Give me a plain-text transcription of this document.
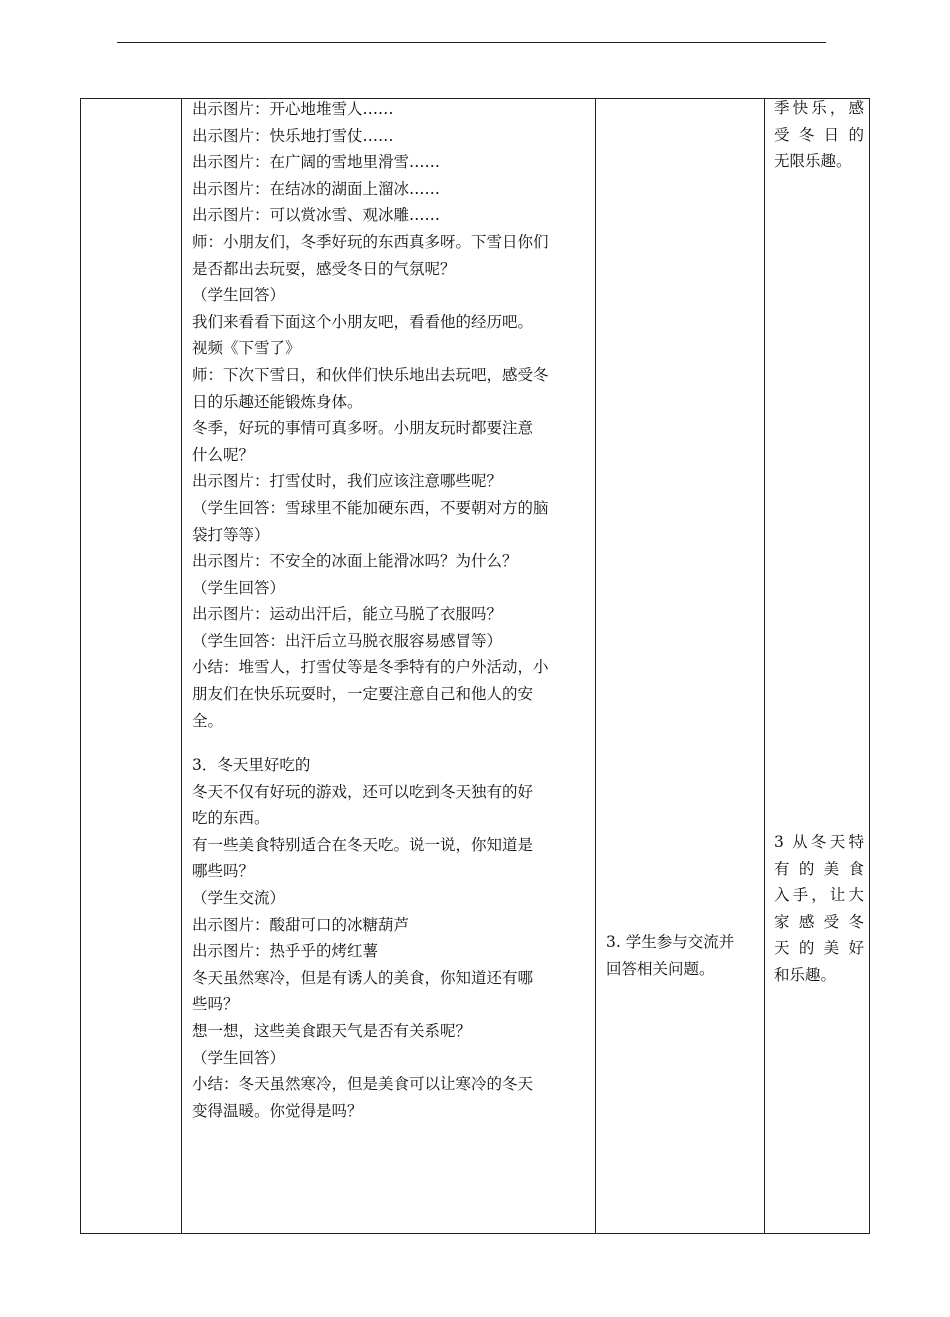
出示图片：开心地堆雪人……
出示图片：快乐地打雪仗……
出示图片：在广阔的雪地里滑雪……
出示图片：在结冰的湖面上溜冰……
出示图片：可以赏冰雪、观冰雕……
师：小朋友们，冬季好玩的东西真多呀。下雪日你们
是否都出去玩耍，感受冬日的气氛呢？
（学生回答）
我们来看看下面这个小朋友吧，看看他的经历吧。
视频《下雪了》
师：下次下雪日，和伙伴们快乐地出去玩吧，感受冬
日的乐趣还能锻炼身体。
冬季，好玩的事情可真多呀。小朋友玩时都要注意
什么呢？
出示图片：打雪仗时，我们应该注意哪些呢？
（学生回答：雪球里不能加硬东西，不要朝对方的脑
袋打等等）
出示图片：不安全的冰面上能滑冰吗？为什么？
（学生回答）
出示图片：运动出汗后，能立马脱了衣服吗？
（学生回答：出汗后立马脱衣服容易感冒等）
小结：堆雪人，打雪仗等是冬季特有的户外活动，小
朋友们在快乐玩耍时，一定要注意自己和他人的安
全。
3．冬天里好吃的
冬天不仅有好玩的游戏，还可以吃到冬天独有的好
吃的东西。
有一些美食特别适合在冬天吃。说一说，你知道是
哪些吗？
（学生交流）
出示图片：酸甜可口的冰糖葫芦
出示图片：热乎乎的烤红薯
冬天虽然寒冷，但是有诱人的美食，你知道还有哪
些吗？
想一想，这些美食跟天气是否有关系呢？
（学生回答）
小结：冬天虽然寒冷，但是美食可以让寒冷的冬天
变得温暖。你觉得是吗？
3. 学生参与交流并
回答相关问题。
季快乐，感
受冬日的
无限乐趣。
3 从冬天特
有的美食
入手，让大
家感受冬
天的美好
和乐趣。
